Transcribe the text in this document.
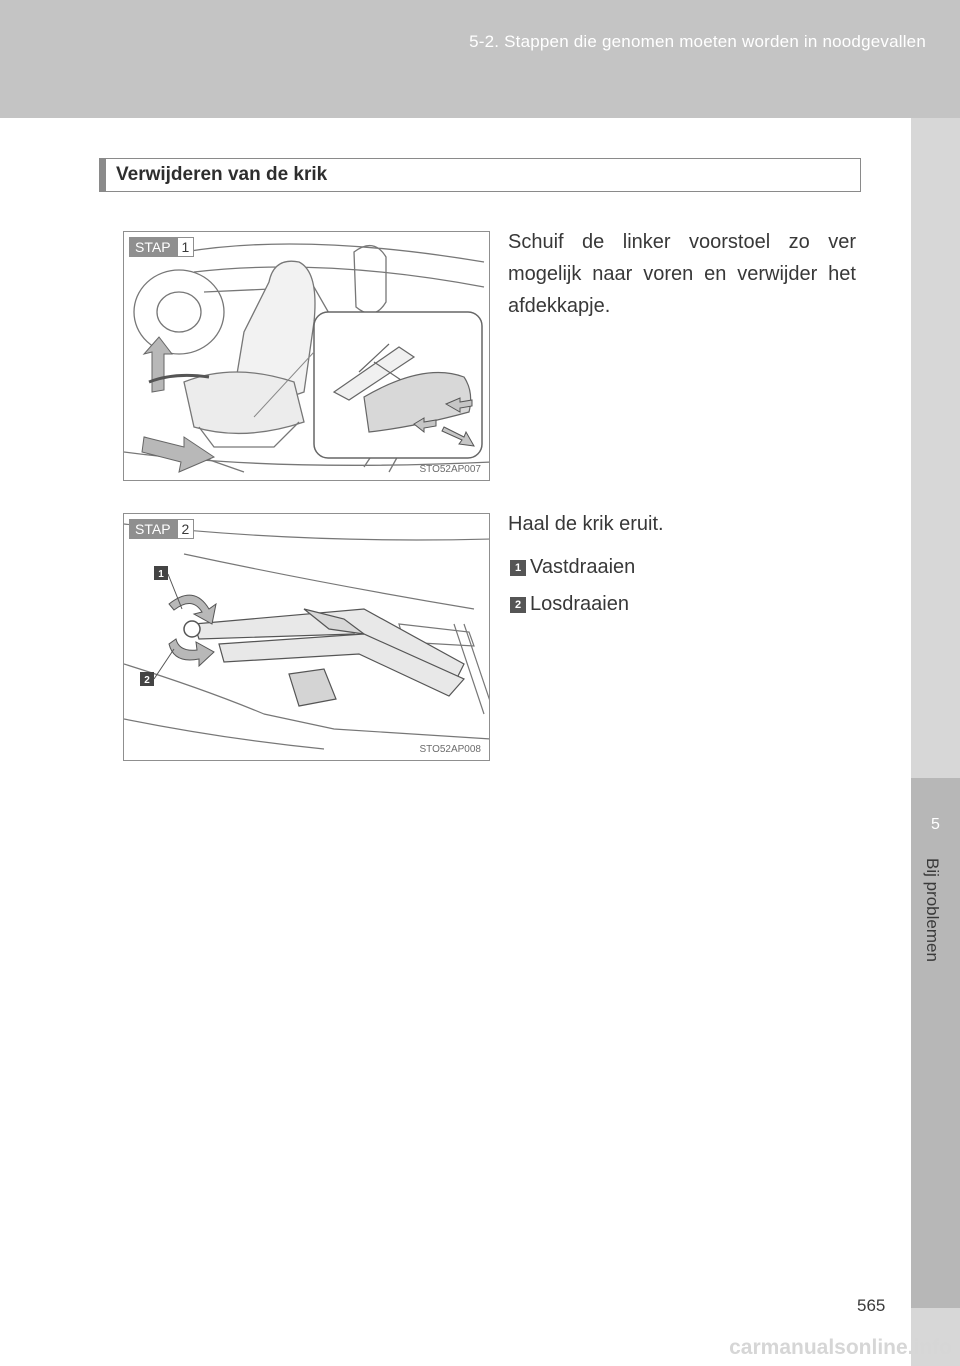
5-2. Stappen die genomen moeten worden in noodgevallen
5
Bij problemen
Verwijderen van de krik
STAP 1
STO52AP007
Schuif de linker voorstoel zo ver mogelijk naar voren en verwijder het afdekkapje.
1
2
STAP 2
STO52AP008
Haal de krik eruit.
1 Vastdraaien
2 Losdraaien
565
carmanualsonline.info
